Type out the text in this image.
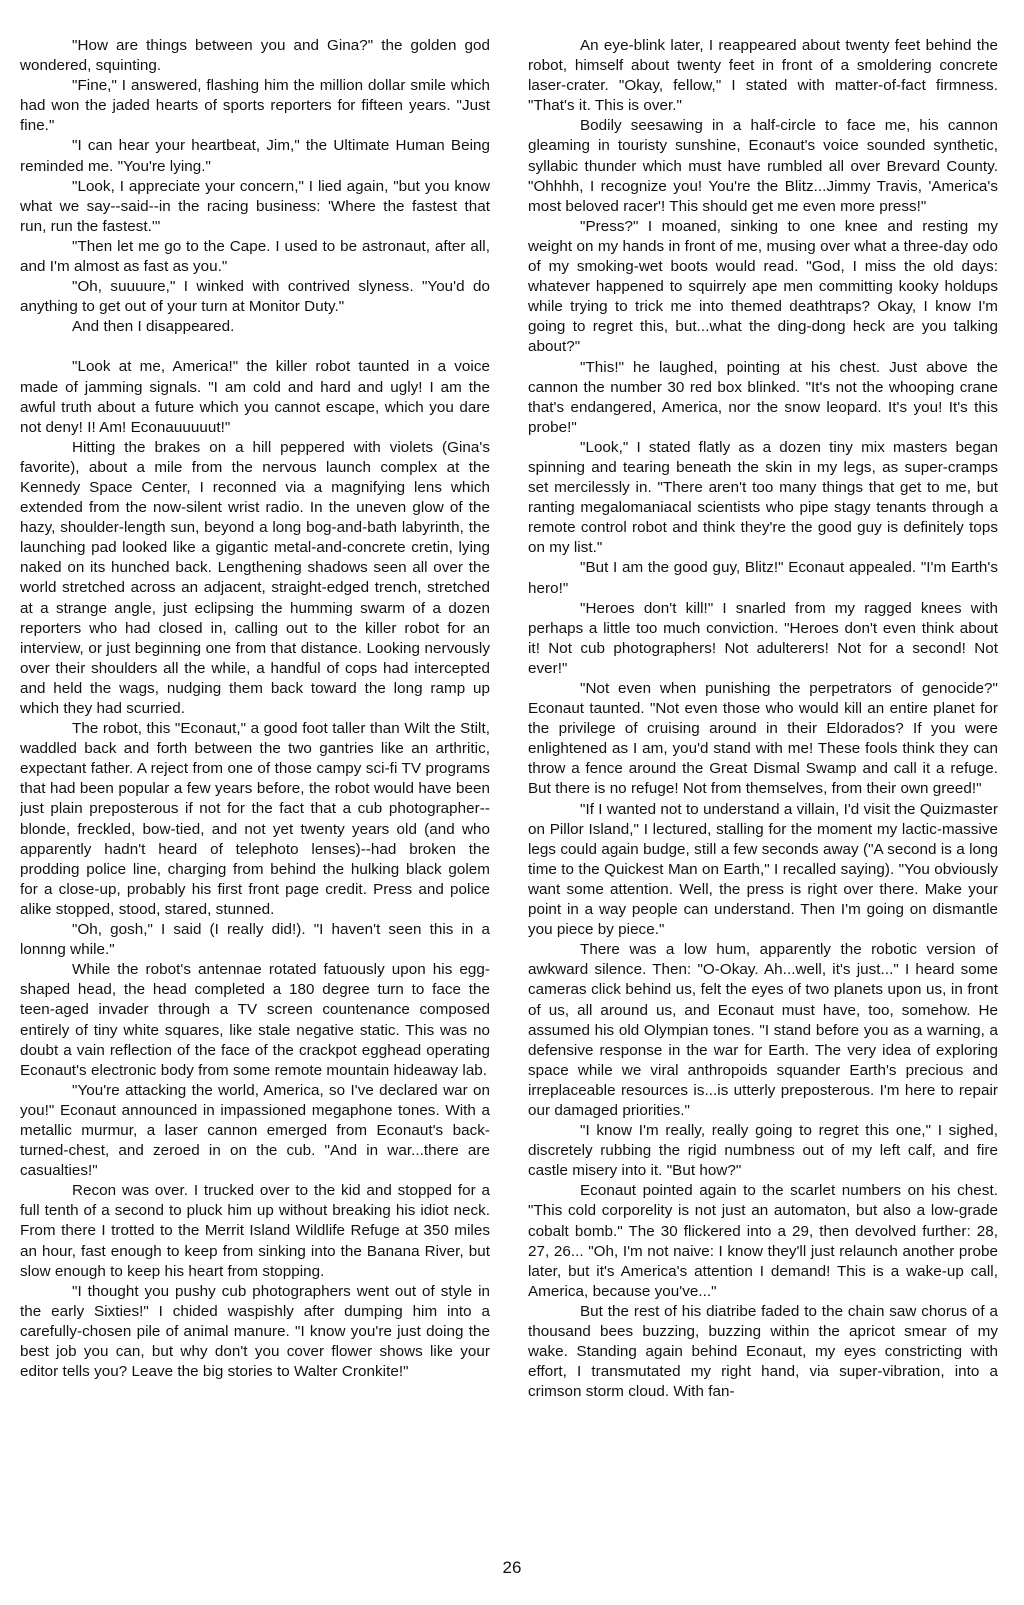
"How are things between you and Gina?" the golden god wondered, squinting.

"Fine," I answered, flashing him the million dollar smile which had won the jaded hearts of sports reporters for fifteen years. "Just fine."

"I can hear your heartbeat, Jim," the Ultimate Human Being reminded me. "You're lying."

"Look, I appreciate your concern," I lied again, "but you know what we say--said--in the racing business: 'Where the fastest that run, run the fastest.'"

"Then let me go to the Cape. I used to be astronaut, after all, and I'm almost as fast as you."

"Oh, suuuure," I winked with contrived slyness. "You'd do anything to get out of your turn at Monitor Duty."

And then I disappeared.

"Look at me, America!" the killer robot taunted in a voice made of jamming signals. "I am cold and hard and ugly! I am the awful truth about a future which you cannot escape, which you dare not deny! I! Am! Econauuuuut!"

Hitting the brakes on a hill peppered with violets (Gina's favorite), about a mile from the nervous launch complex at the Kennedy Space Center, I reconned via a magnifying lens which extended from the now-silent wrist radio. In the uneven glow of the hazy, shoulder-length sun, beyond a long bog-and-bath labyrinth, the launching pad looked like a gigantic metal-and-concrete cretin, lying naked on its hunched back. Lengthening shadows seen all over the world stretched across an adjacent, straight-edged trench, stretched at a strange angle, just eclipsing the humming swarm of a dozen reporters who had closed in, calling out to the killer robot for an interview, or just beginning one from that distance. Looking nervously over their shoulders all the while, a handful of cops had intercepted and held the wags, nudging them back toward the long ramp up which they had scurried.

The robot, this "Econaut," a good foot taller than Wilt the Stilt, waddled back and forth between the two gantries like an arthritic, expectant father. A reject from one of those campy sci-fi TV programs that had been popular a few years before, the robot would have been just plain preposterous if not for the fact that a cub photographer--blonde, freckled, bow-tied, and not yet twenty years old (and who apparently hadn't heard of telephoto lenses)--had broken the prodding police line, charging from behind the hulking black golem for a close-up, probably his first front page credit. Press and police alike stopped, stood, stared, stunned.

"Oh, gosh," I said (I really did!). "I haven't seen this in a lonnng while."

While the robot's antennae rotated fatuously upon his egg-shaped head, the head completed a 180 degree turn to face the teen-aged invader through a TV screen countenance composed entirely of tiny white squares, like stale negative static. This was no doubt a vain reflection of the face of the crackpot egghead operating Econaut's electronic body from some remote mountain hideaway lab.

"You're attacking the world, America, so I've declared war on you!" Econaut announced in impassioned megaphone tones. With a metallic murmur, a laser cannon emerged from Econaut's back-turned-chest, and zeroed in on the cub. "And in war...there are casualties!"

Recon was over. I trucked over to the kid and stopped for a full tenth of a second to pluck him up without breaking his idiot neck. From there I trotted to the Merrit Island Wildlife Refuge at 350 miles an hour, fast enough to keep from sinking into the Banana River, but slow enough to keep his heart from stopping.

"I thought you pushy cub photographers went out of style in the early Sixties!" I chided waspishly after dumping him into a carefully-chosen pile of animal manure. "I know you're just doing the best job you can, but why don't you cover flower shows like your editor tells you? Leave the big stories to Walter Cronkite!"

An eye-blink later, I reappeared about twenty feet behind the robot, himself about twenty feet in front of a smoldering concrete laser-crater. "Okay, fellow," I stated with matter-of-fact firmness. "That's it. This is over."

Bodily seesawing in a half-circle to face me, his cannon gleaming in touristy sunshine, Econaut's voice sounded synthetic, syllabic thunder which must have rumbled all over Brevard County. "Ohhhh, I recognize you! You're the Blitz...Jimmy Travis, 'America's most beloved racer'! This should get me even more press!"

"Press?" I moaned, sinking to one knee and resting my weight on my hands in front of me, musing over what a three-day odo of my smoking-wet boots would read. "God, I miss the old days: whatever happened to squirrely ape men committing kooky holdups while trying to trick me into themed deathtraps? Okay, I know I'm going to regret this, but...what the ding-dong heck are you talking about?"

"This!" he laughed, pointing at his chest. Just above the cannon the number 30 red box blinked. "It's not the whooping crane that's endangered, America, nor the snow leopard. It's you! It's this probe!"

"Look," I stated flatly as a dozen tiny mix masters began spinning and tearing beneath the skin in my legs, as super-cramps set mercilessly in. "There aren't too many things that get to me, but ranting megalomaniacal scientists who pipe stagy tenants through a remote control robot and think they're the good guy is definitely tops on my list."

"But I am the good guy, Blitz!" Econaut appealed. "I'm Earth's hero!"

"Heroes don't kill!" I snarled from my ragged knees with perhaps a little too much conviction. "Heroes don't even think about it! Not cub photographers! Not adulterers! Not for a second! Not ever!"

"Not even when punishing the perpetrators of genocide?" Econaut taunted. "Not even those who would kill an entire planet for the privilege of cruising around in their Eldorados? If you were enlightened as I am, you'd stand with me! These fools think they can throw a fence around the Great Dismal Swamp and call it a refuge. But there is no refuge! Not from themselves, from their own greed!"

"If I wanted not to understand a villain, I'd visit the Quizmaster on Pillor Island," I lectured, stalling for the moment my lactic-massive legs could again budge, still a few seconds away ("A second is a long time to the Quickest Man on Earth," I recalled saying). "You obviously want some attention. Well, the press is right over there. Make your point in a way people can understand. Then I'm going on dismantle you piece by piece."

There was a low hum, apparently the robotic version of awkward silence. Then: "O-Okay. Ah...well, it's just..." I heard some cameras click behind us, felt the eyes of two planets upon us, in front of us, all around us, and Econaut must have, too, somehow. He assumed his old Olympian tones. "I stand before you as a warning, a defensive response in the war for Earth. The very idea of exploring space while we viral anthropoids squander Earth's precious and irreplaceable resources is...is utterly preposterous. I'm here to repair our damaged priorities."

"I know I'm really, really going to regret this one," I sighed, discretely rubbing the rigid numbness out of my left calf, and fire castle misery into it. "But how?"

Econaut pointed again to the scarlet numbers on his chest. "This cold corporelity is not just an automaton, but also a low-grade cobalt bomb." The 30 flickered into a 29, then devolved further: 28, 27, 26... "Oh, I'm not naive: I know they'll just relaunch another probe later, but it's America's attention I demand! This is a wake-up call, America, because you've..."

But the rest of his diatribe faded to the chain saw chorus of a thousand bees buzzing, buzzing within the apricot smear of my wake. Standing again behind Econaut, my eyes constricting with effort, I transmutated my right hand, via super-vibration, into a crimson storm cloud. With fan-

26
